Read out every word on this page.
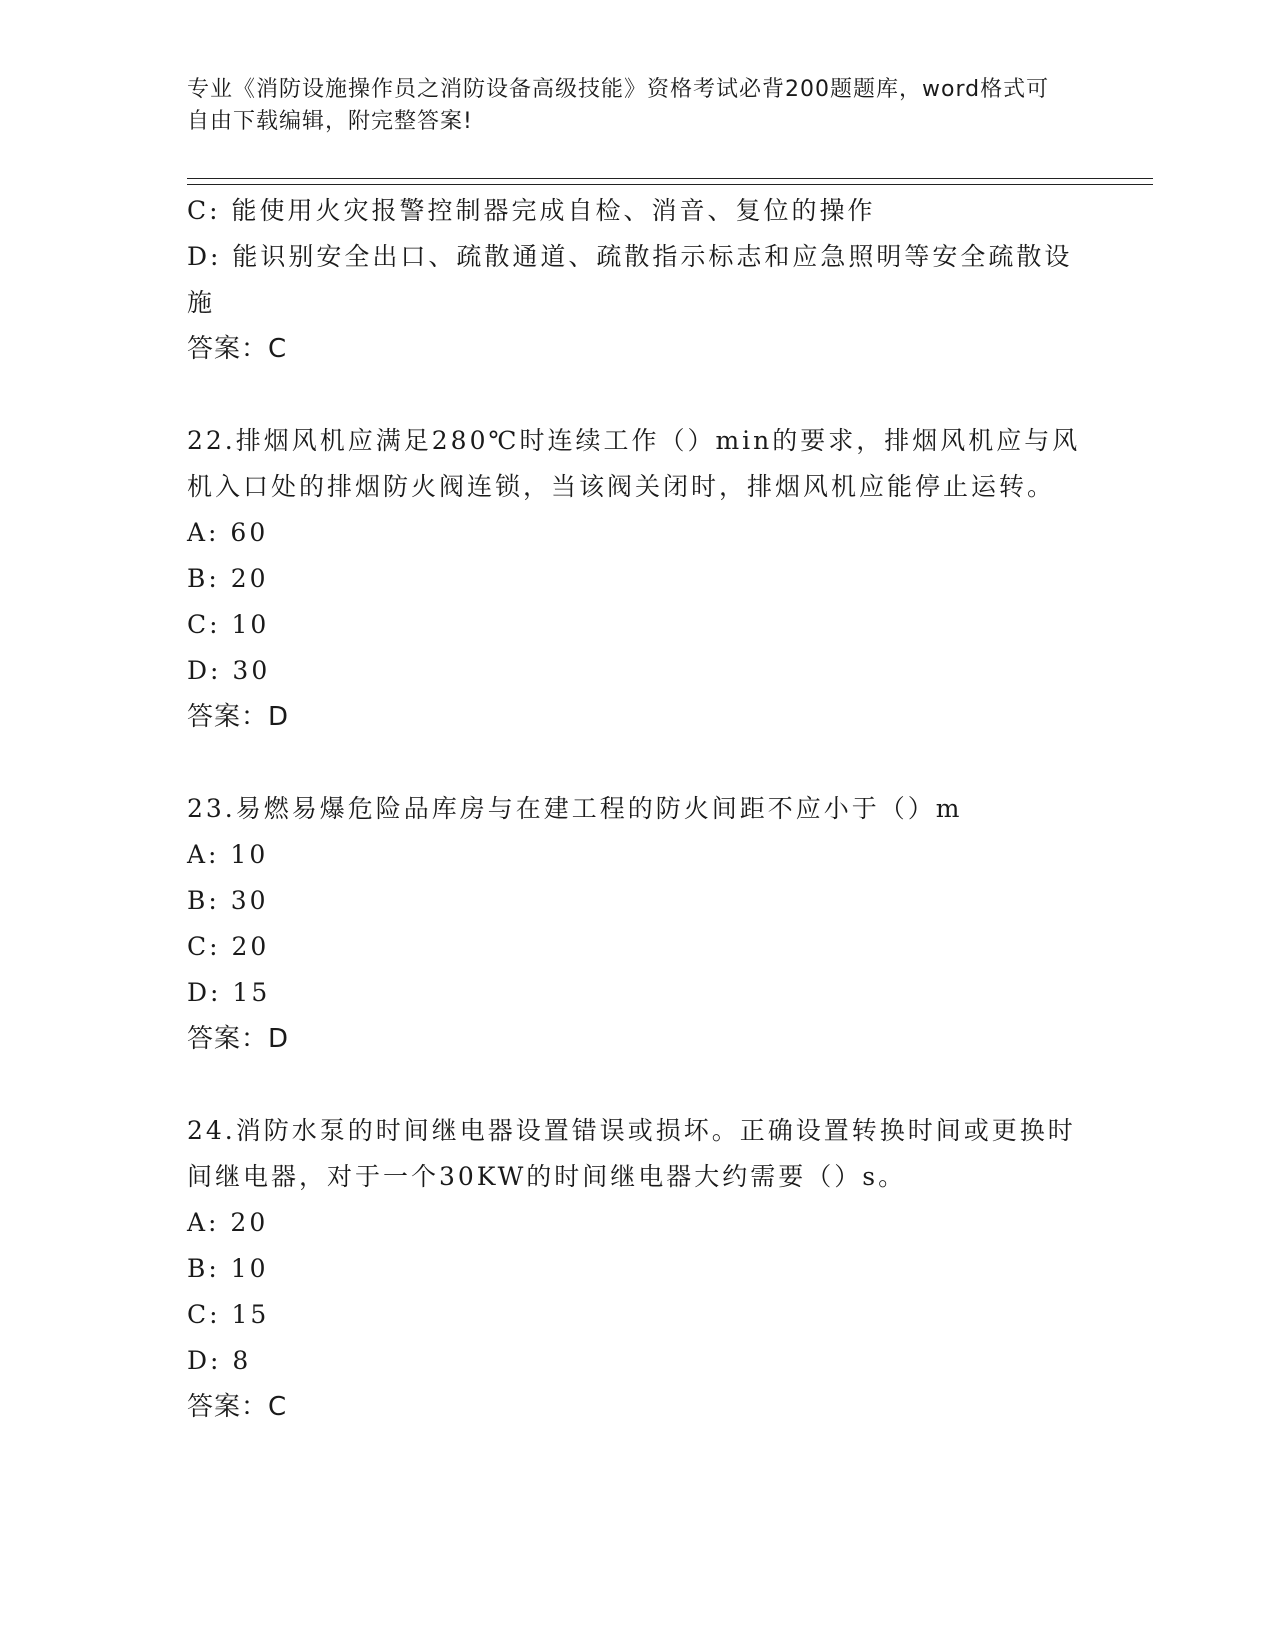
专业《消防设施操作员之消防设备高级技能》资格考试必背200题题库，word格式可自由下载编辑，附完整答案!
C: 能使用火灾报警控制器完成自检、消音、复位的操作
D: 能识别安全出口、疏散通道、疏散指示标志和应急照明等安全疏散设施
答案：C
22.排烟风机应满足280℃时连续工作（）min的要求，排烟风机应与风机入口处的排烟防火阀连锁，当该阀关闭时，排烟风机应能停止运转。
A: 60
B: 20
C: 10
D: 30
答案：D
23.易燃易爆危险品库房与在建工程的防火间距不应小于（）m
A: 10
B: 30
C: 20
D: 15
答案：D
24.消防水泵的时间继电器设置错误或损坏。正确设置转换时间或更换时间继电器，对于一个30KW的时间继电器大约需要（）s。
A: 20
B: 10
C: 15
D: 8
答案：C
